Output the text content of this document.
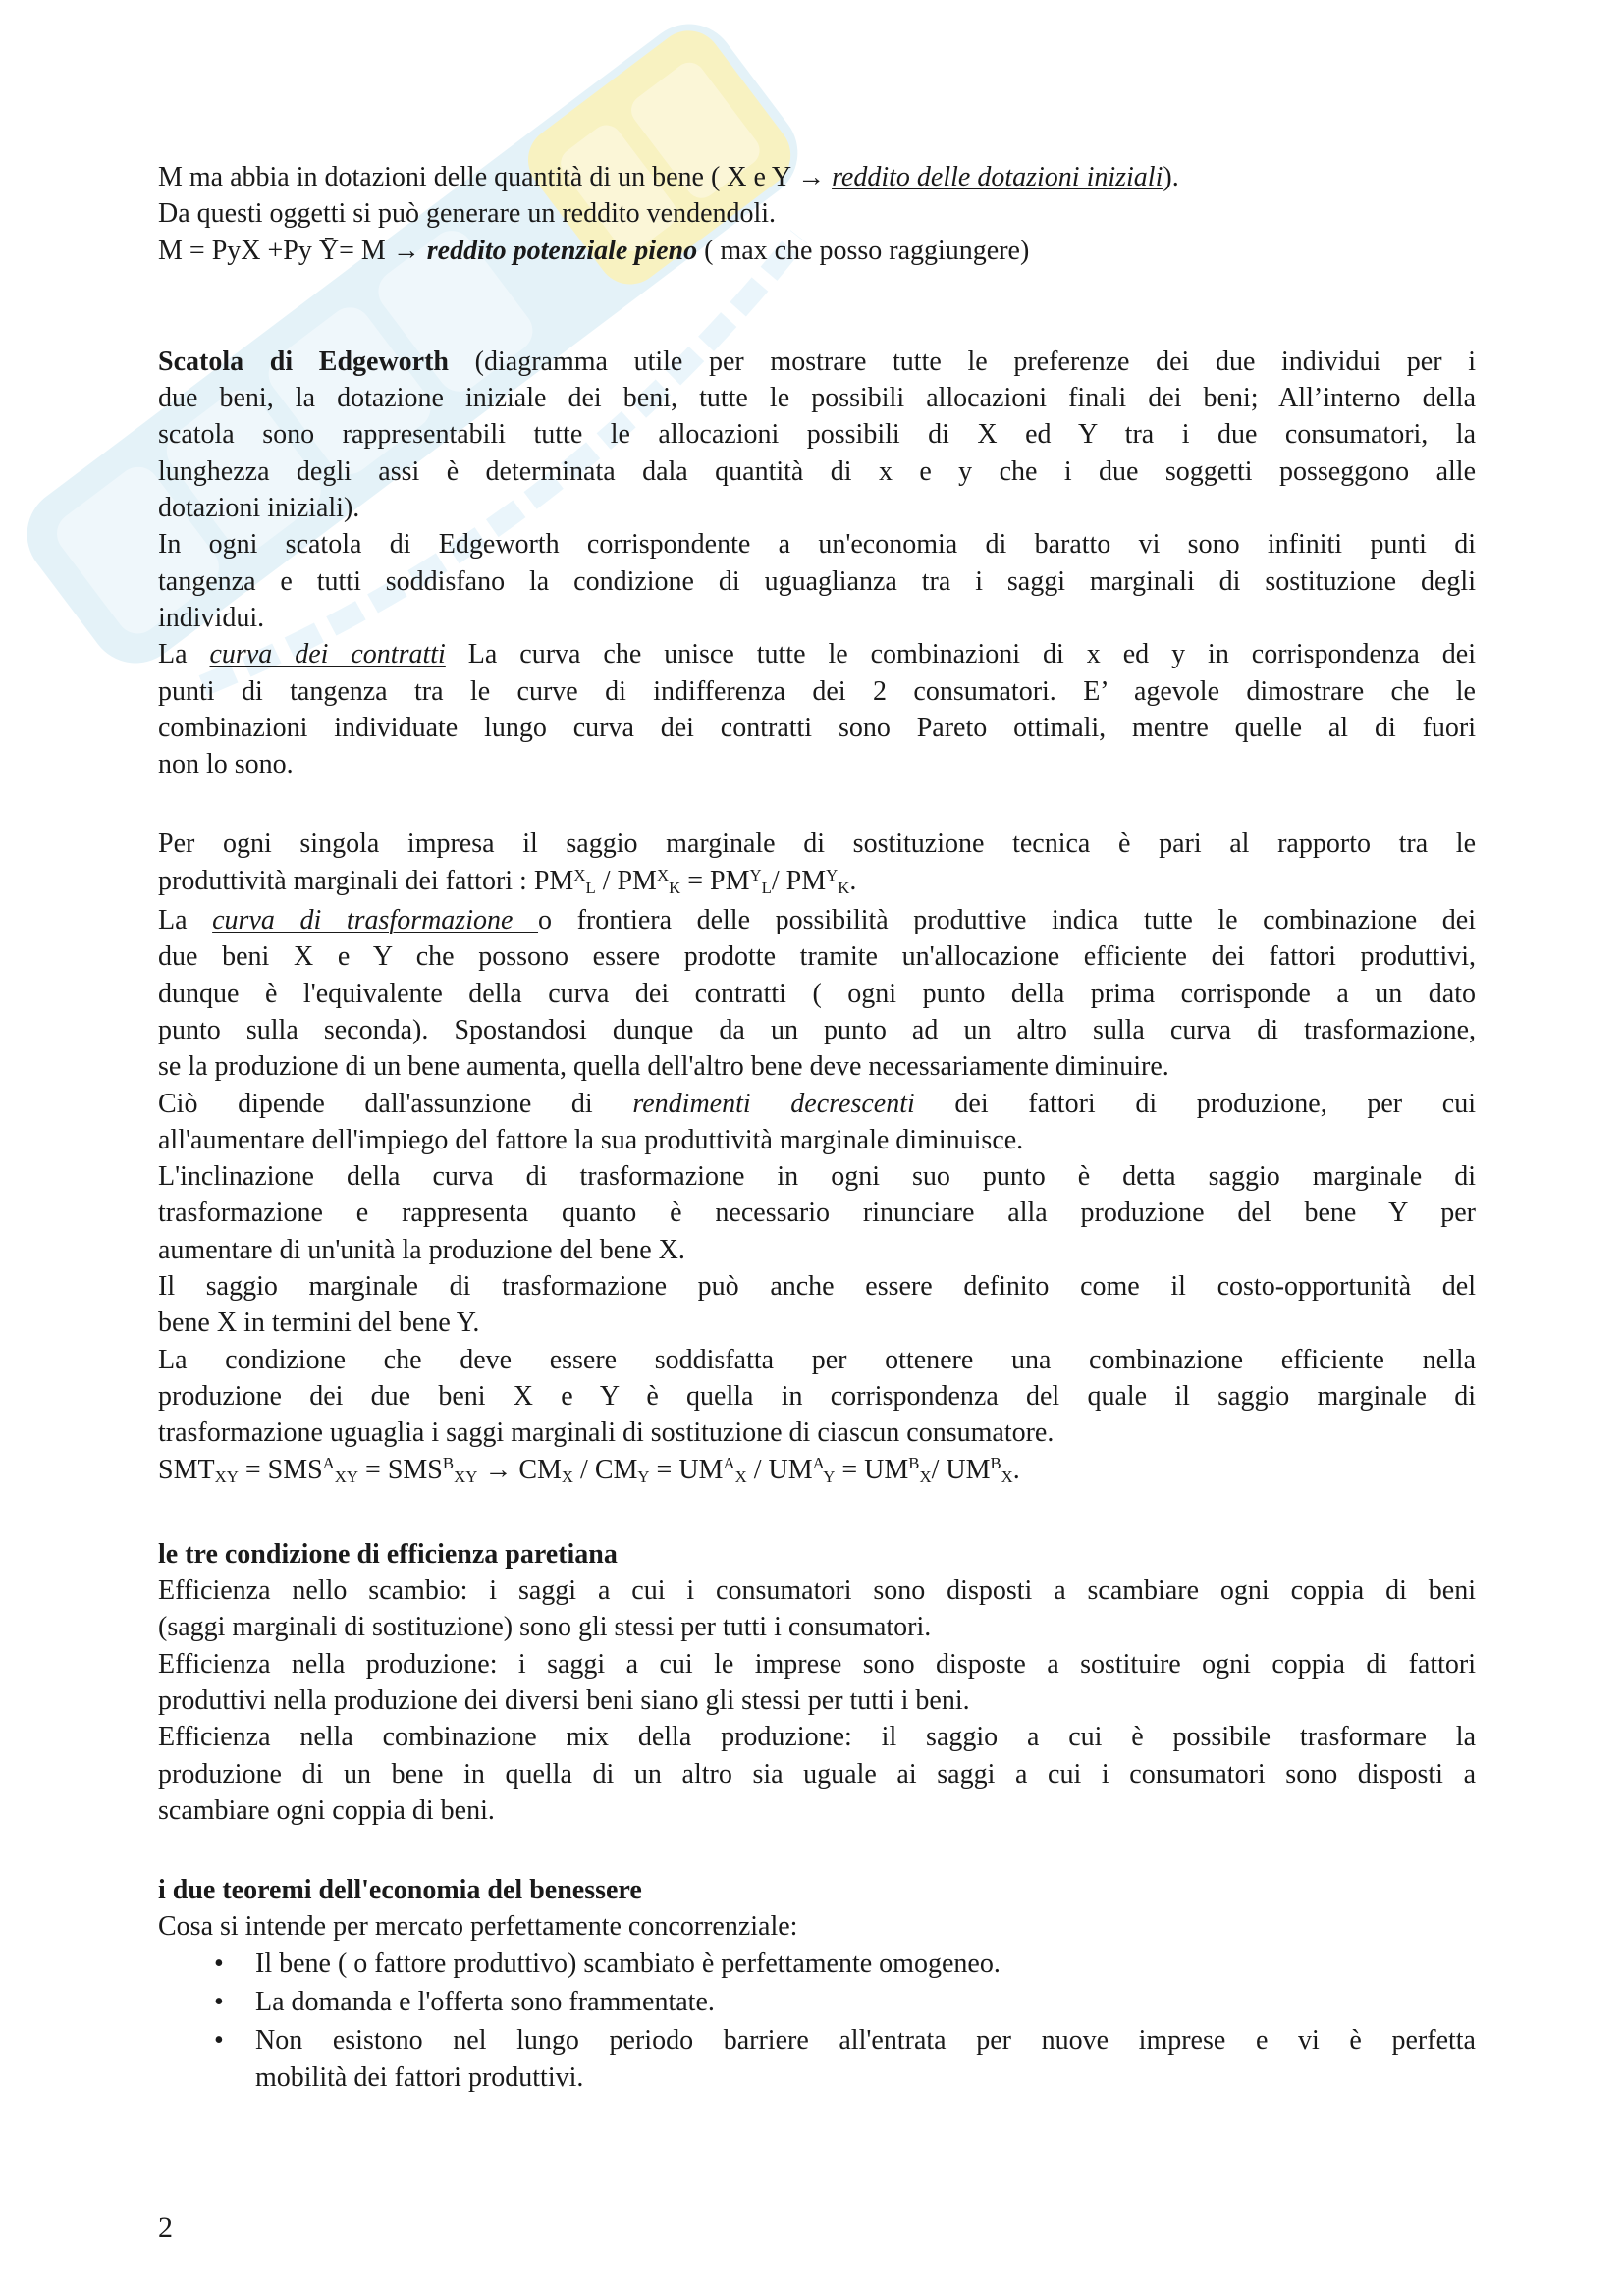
M ma abbia in dotazioni delle quantità di un bene ( X e Y → reddito delle dotazioni iniziali).
Da questi oggetti si può generare un reddito vendendoli.
M = PyX +Py Ȳ= M → reddito potenziale pieno ( max che posso raggiungere)
Scatola di Edgeworth (diagramma utile per mostrare tutte le preferenze dei due individui per i
due beni, la dotazione iniziale dei beni, tutte le possibili allocazioni finali dei beni; All’interno della
scatola sono rappresentabili tutte le allocazioni possibili di X ed Y tra i due consumatori, la
lunghezza degli assi è determinata dala quantità di x e y che i due soggetti posseggono alle
dotazioni iniziali).
In ogni scatola di Edgeworth corrispondente a un'economia di baratto vi sono infiniti punti di
tangenza e tutti soddisfano la condizione di uguaglianza tra i saggi marginali di sostituzione degli
individui.
La curva dei contratti La curva che unisce tutte le combinazioni di x ed y in corrispondenza dei
punti di tangenza tra le curve di indifferenza dei 2 consumatori. E’ agevole dimostrare che le
combinazioni individuate lungo curva dei contratti sono Pareto ottimali, mentre quelle al di fuori
non lo sono.
Per ogni singola impresa il saggio marginale di sostituzione tecnica è pari al rapporto tra le
produttività marginali dei fattori : $PM^XL / PM^XK = PM^YL/$ $PM^YK$.
La curva di trasformazione o frontiera delle possibilità produttive indica tutte le combinazione dei
due beni X e Y che possono essere prodotte tramite un'allocazione efficiente dei fattori produttivi,
dunque è l'equivalente della curva dei contratti ( ogni punto della prima corrisponde a un dato
punto sulla seconda). Spostandosi dunque da un punto ad un altro sulla curva di trasformazione,
se la produzione di un bene aumenta, quella dell'altro bene deve necessariamente diminuire.
Ciò dipende dall'assunzione di rendimenti decrescenti dei fattori di produzione, per cui
all'aumentare dell'impiego del fattore la sua produttività marginale diminuisce.
L'inclinazione della curva di trasformazione in ogni suo punto è detta saggio marginale di
trasformazione e rappresenta quanto è necessario rinunciare alla produzione del bene Y per
aumentare di un'unità la produzione del bene X.
Il saggio marginale di trasformazione può anche essere definito come il costo-opportunità del
bene X in termini del bene Y.
La condizione che deve essere soddisfatta per ottenere una combinazione efficiente nella
produzione dei due beni X e Y è quella in corrispondenza del quale il saggio marginale di
trasformazione uguaglia i saggi marginali di sostituzione di ciascun consumatore.
SMTXY = $SMS^AXY = SMS^BXY$ → CMX / CMY = $UM^AX / UM^AY = UM^BX/$ $UM^BX$.
le tre condizione di efficienza paretiana
Efficienza nello scambio: i saggi a cui i consumatori sono disposti a scambiare ogni coppia di beni
(saggi marginali di sostituzione) sono gli stessi per tutti i consumatori.
Efficienza nella produzione: i saggi a cui le imprese sono disposte a sostituire ogni coppia di fattori
produttivi nella produzione dei diversi beni siano gli stessi per tutti i beni.
Efficienza nella combinazione mix della produzione: il saggio a cui è possibile trasformare la
produzione di un bene in quella di un altro sia uguale ai saggi a cui i consumatori sono disposti a
scambiare ogni coppia di beni.
i due teoremi dell'economia del benessere
Cosa si intende per mercato perfettamente concorrenziale:
• Il bene ( o fattore produttivo) scambiato è perfettamente omogeneo.
• La domanda e l'offerta sono frammentate.
• Non esistono nel lungo periodo barriere all'entrata per nuove imprese e vi è perfetta
mobilità dei fattori produttivi.
2
